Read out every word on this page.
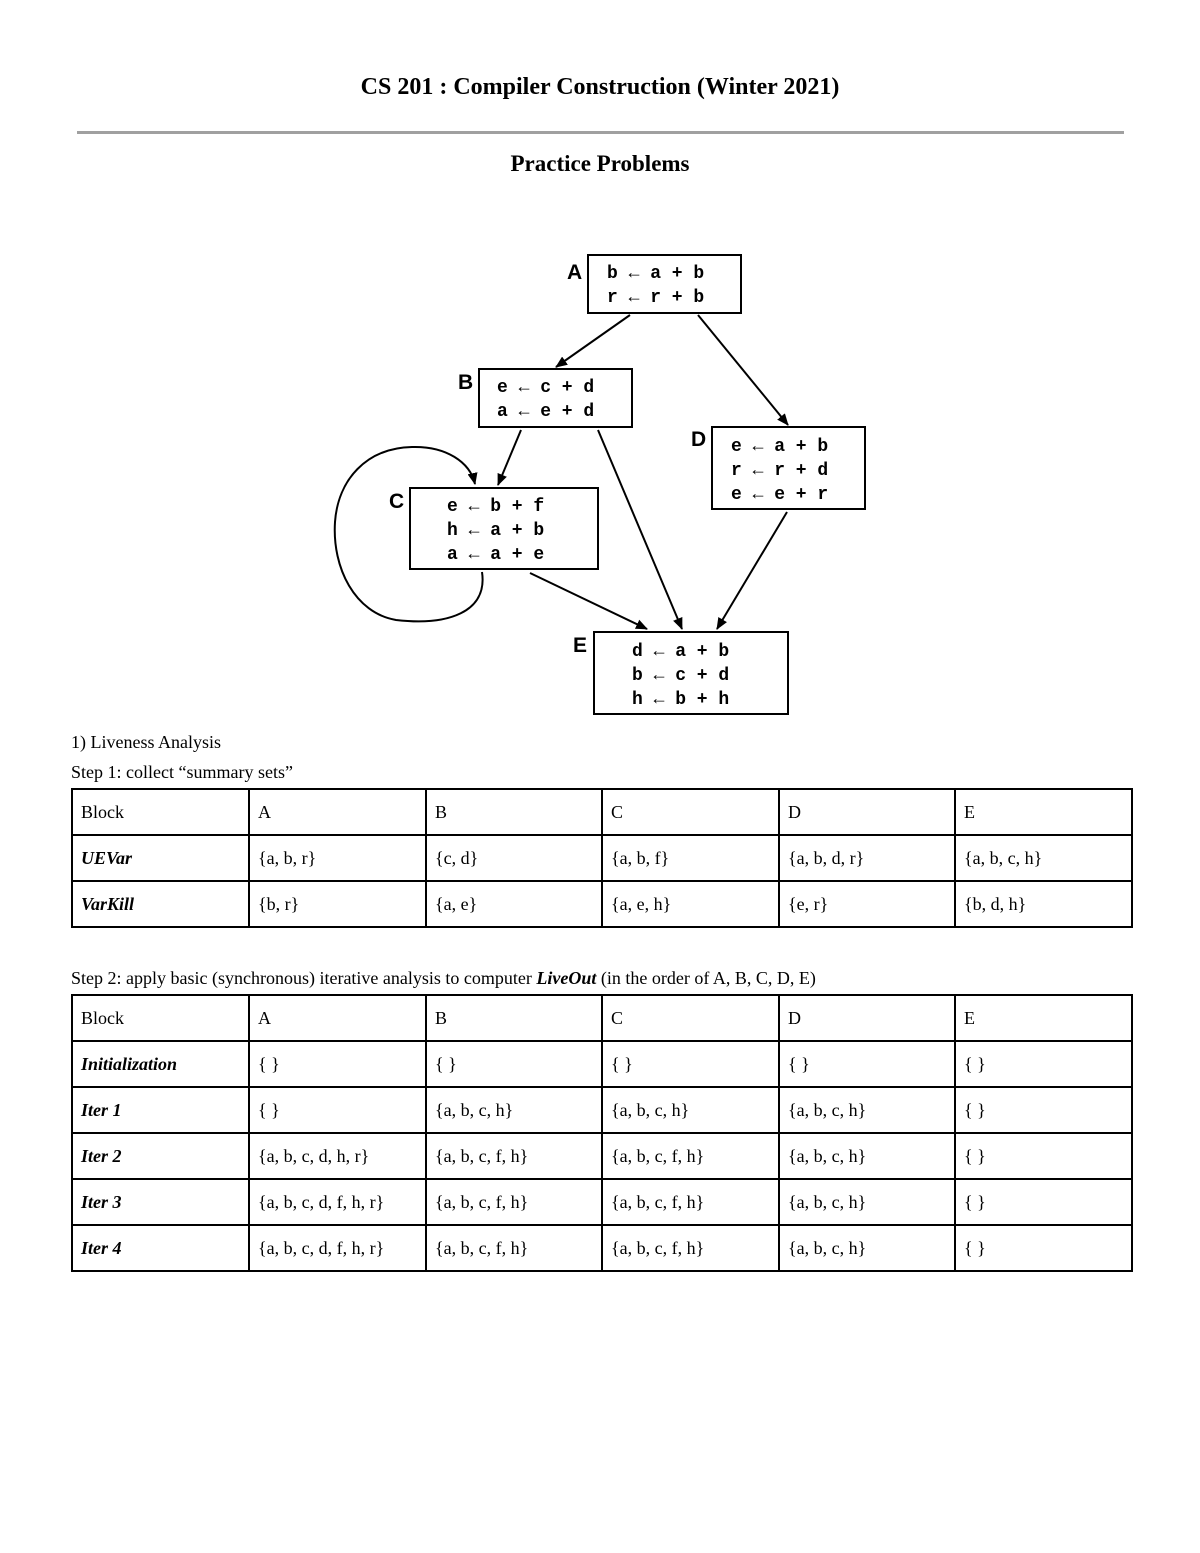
CS 201 : Compiler Construction (Winter 2021)
Practice Problems
A b ← a + b
r ← r + b
B e ← c + d
a ← e + d
C e ← b + f
h ← a + b
a ← a + e
D e ← a + b
r ← r + d
e ← e + r
E d ← a + b
b ← c + d
h ← b + h
1) Liveness Analysis
Step 1: collect “summary sets”
Block	A	B	C	D	E
UEVar	{a, b, r}	{c, d}	{a, b, f}	{a, b, d, r}	{a, b, c, h}
VarKill	{b, r}	{a, e}	{a, e, h}	{e, r}	{b, d, h}
Step 2: apply basic (synchronous) iterative analysis to computer LiveOut (in the order of A, B, C, D, E)
Block	A	B	C	D	E
Initialization	{ }	{ }	{ }	{ }	{ }
Iter 1	{ }	{a, b, c, h}	{a, b, c, h}	{a, b, c, h}	{ }
Iter 2	{a, b, c, d, h, r}	{a, b, c, f, h}	{a, b, c, f, h}	{a, b, c, h}	{ }
Iter 3	{a, b, c, d, f, h, r}	{a, b, c, f, h}	{a, b, c, f, h}	{a, b, c, h}	{ }
Iter 4	{a, b, c, d, f, h, r}	{a, b, c, f, h}	{a, b, c, f, h}	{a, b, c, h}	{ }
